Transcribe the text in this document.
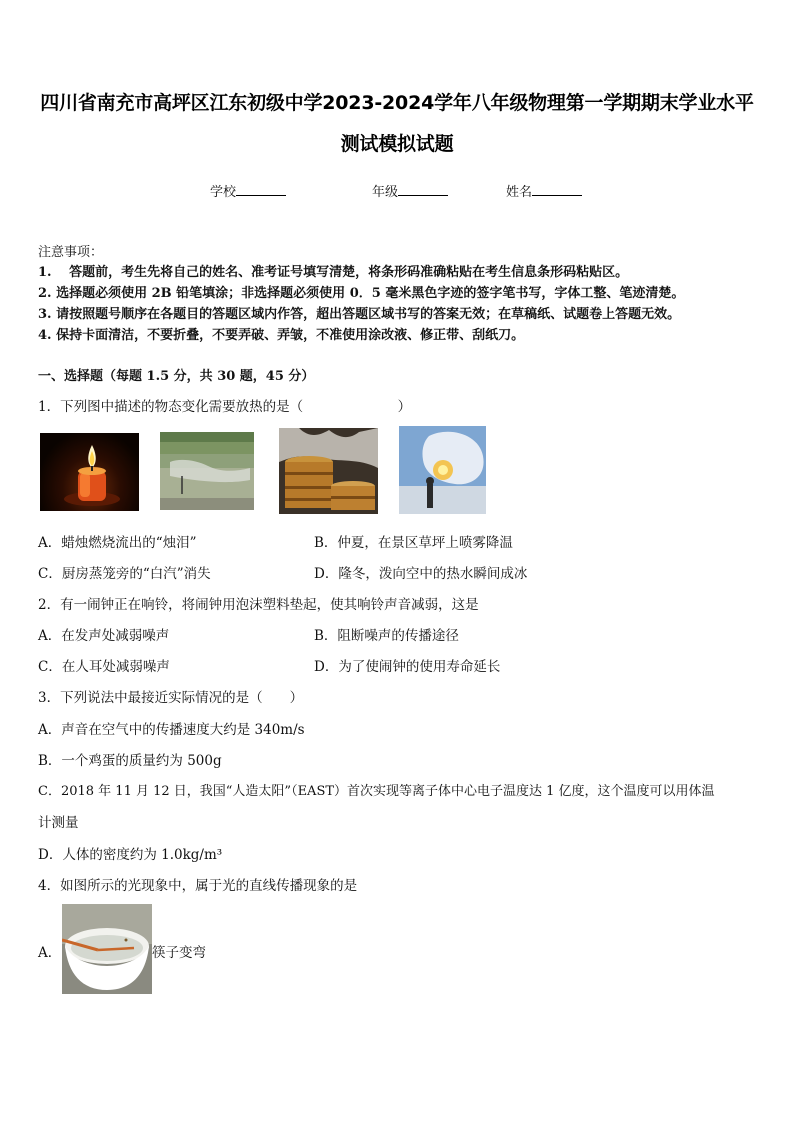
四川省南充市高坪区江东初级中学2023-2024学年八年级物理第一学期期末学业水平
测试模拟试题
学校	年级	姓名
注意事项：
1.　 答题前，考生先将自己的姓名、准考证号填写清楚，将条形码准确粘贴在考生信息条形码粘贴区。
2. 选择题必须使用 2B 铅笔填涂；非选择题必须使用 0．5 毫米黑色字迹的签字笔书写，字体工整、笔迹清楚。
3. 请按照题号顺序在各题目的答题区域内作答，超出答题区域书写的答案无效；在草稿纸、试题卷上答题无效。
4. 保持卡面清洁，不要折叠，不要弄破、弄皱，不准使用涂改液、修正带、刮纸刀。
一、选择题（每题 1.5 分，共 30 题，45 分）
1．下列图中描述的物态变化需要放热的是（　　　　　　　）
A．蜡烛燃烧流出的“烛泪”	B．仲夏，在景区草坪上喷雾降温
C．厨房蒸笼旁的“白汽”消失	D．隆冬，泼向空中的热水瞬间成冰
2．有一闹钟正在响铃，将闹钟用泡沫塑料垫起，使其响铃声音减弱，这是
A．在发声处减弱噪声	B．阻断噪声的传播途径
C．在人耳处减弱噪声	D．为了使闹钟的使用寿命延长
3．下列说法中最接近实际情况的是（　　）
A．声音在空气中的传播速度大约是 340m/s
B．一个鸡蛋的质量约为 500g
C．2018 年 11 月 12 日，我国“人造太阳”（EAST）首次实现等离子体中心电子温度达 1 亿度，这个温度可以用体温
计测量
D．人体的密度约为 1.0kg/m³
4．如图所示的光现象中，属于光的直线传播现象的是
A．	筷子变弯
